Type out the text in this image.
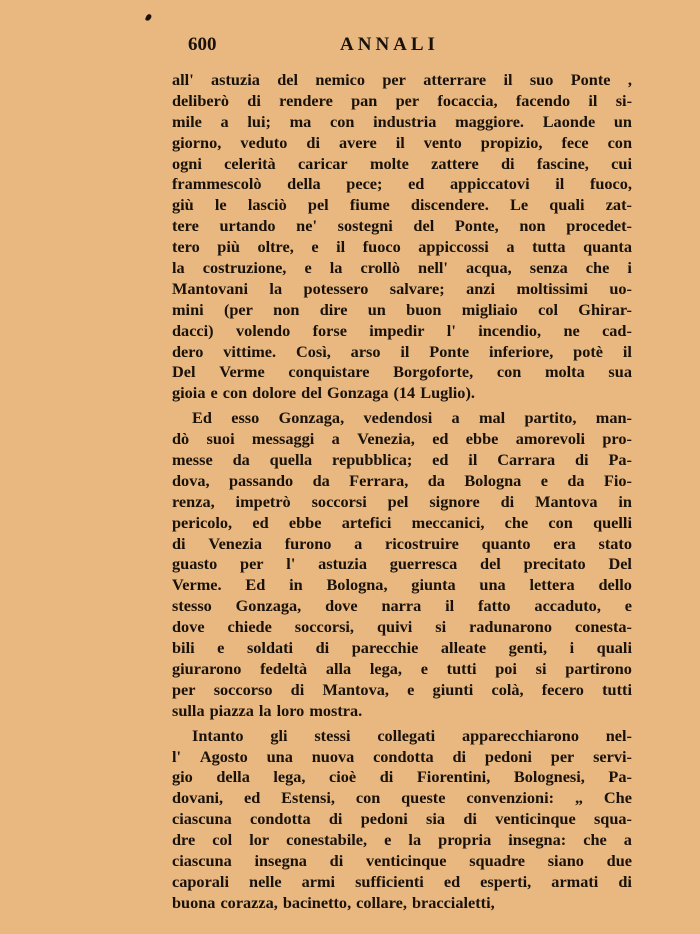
600	ANNALI
all' astuzia del nemico per atterrare il suo Ponte ,
deliberò di rendere pan per focaccia, facendo il si-
mile a lui; ma con industria maggiore. Laonde un
giorno, veduto di avere il vento propizio, fece con
ogni celerità caricar molte zattere di fascine, cui
frammescolò della pece; ed appiccatovi il fuoco,
giù le lasciò pel fiume discendere. Le quali zat-
tere urtando ne' sostegni del Ponte, non procedet-
tero più oltre, e il fuoco appiccossi a tutta quanta
la costruzione, e la crollò nell' acqua, senza che i
Mantovani la potessero salvare; anzi moltissimi uo-
mini (per non dire un buon migliaio col Ghirar-
dacci) volendo forse impedir l' incendio, ne cad-
dero vittime. Così, arso il Ponte inferiore, potè il
Del Verme conquistare Borgoforte, con molta sua
gioia e con dolore del Gonzaga (14 Luglio).
Ed esso Gonzaga, vedendosi a mal partito, man-
dò suoi messaggi a Venezia, ed ebbe amorevoli pro-
messe da quella repubblica; ed il Carrara di Pa-
dova, passando da Ferrara, da Bologna e da Fio-
renza, impetrò soccorsi pel signore di Mantova in
pericolo, ed ebbe artefici meccanici, che con quelli
di Venezia furono a ricostruire quanto era stato
guasto per l' astuzia guerresca del precitato Del
Verme. Ed in Bologna, giunta una lettera dello
stesso Gonzaga, dove narra il fatto accaduto, e
dove chiede soccorsi, quivi si radunarono conesta-
bili e soldati di parecchie alleate genti, i quali
giurarono fedeltà alla lega, e tutti poi si partirono
per soccorso di Mantova, e giunti colà, fecero tutti
sulla piazza la loro mostra.
Intanto gli stessi collegati apparecchiarono nel-
l' Agosto una nuova condotta di pedoni per servi-
gio della lega, cioè di Fiorentini, Bolognesi, Pa-
dovani, ed Estensi, con queste convenzioni: „ Che
ciascuna condotta di pedoni sia di venticinque squa-
dre col lor conestabile, e la propria insegna: che a
ciascuna insegna di venticinque squadre siano due
caporali nelle armi sufficienti ed esperti, armati di
buona corazza, bacinetto, collare, braccialetti,
